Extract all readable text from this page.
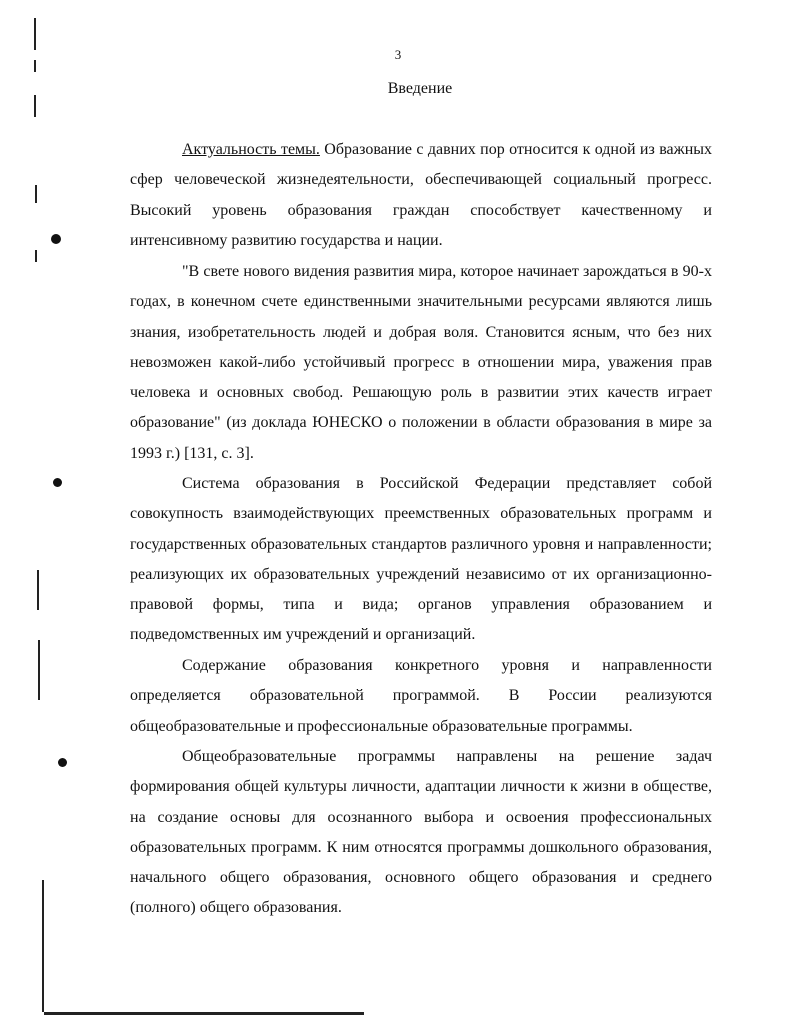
3
Введение

Актуальность темы. Образование с давних пор относится к одной из важных сфер человеческой жизнедеятельности, обеспечивающей социальный прогресс. Высокий уровень образования граждан способствует качественному и интенсивному развитию государства и нации.

"В свете нового видения развития мира, которое начинает зарождаться в 90-х годах, в конечном счете единственными значительными ресурсами являются лишь знания, изобретательность людей и добрая воля. Становится ясным, что без них невозможен какой-либо устойчивый прогресс в отношении мира, уважения прав человека и основных свобод. Решающую роль в развитии этих качеств играет образование" (из доклада ЮНЕСКО о положении в области образования в мире за 1993 г.) [131, с. 3].

Система образования в Российской Федерации представляет собой совокупность взаимодействующих преемственных образовательных программ и государственных образовательных стандартов различного уровня и направленности; реализующих их образовательных учреждений независимо от их организационно-правовой формы, типа и вида; органов управления образованием и подведомственных им учреждений и организаций.

Содержание образования конкретного уровня и направленности определяется образовательной программой. В России реализуются общеобразовательные и профессиональные образовательные программы.

Общеобразовательные программы направлены на решение задач формирования общей культуры личности, адаптации личности к жизни в обществе, на создание основы для осознанного выбора и освоения профессиональных образовательных программ. К ним относятся программы дошкольного образования, начального общего образования, основного общего образования и среднего (полного) общего образования.
